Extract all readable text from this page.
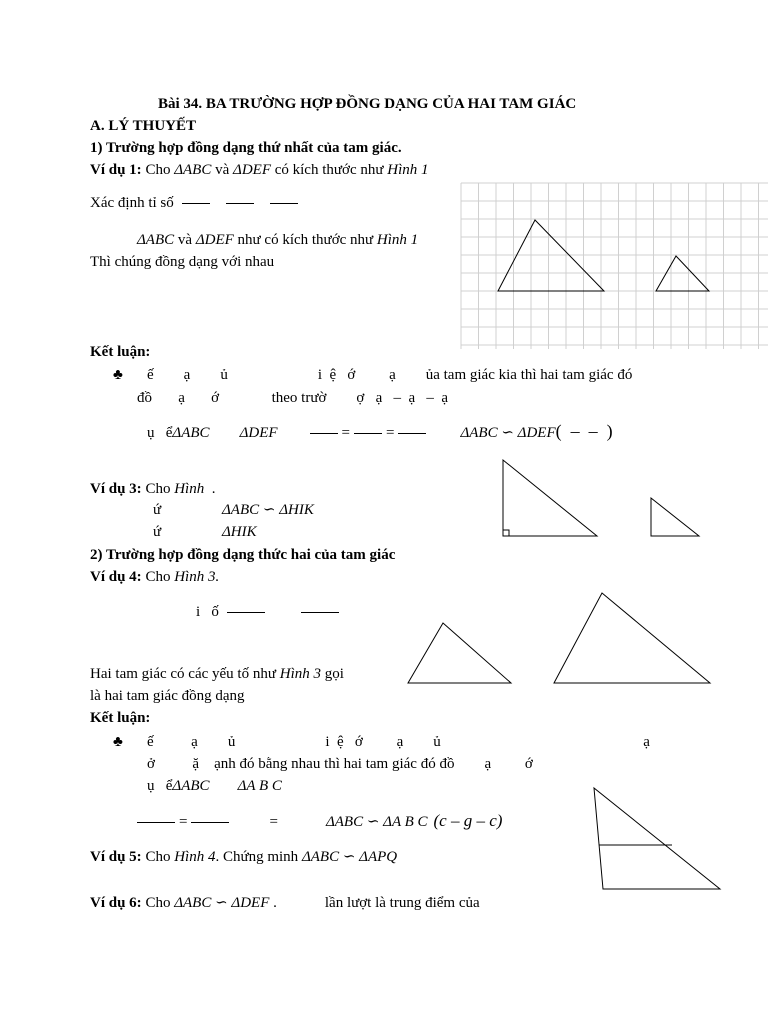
Bài 34. BA TRƯỜNG HỢP ĐỒNG DẠNG CỦA HAI TAM GIÁC
A. LÝ THUYẾT
1) Trường hợp đồng dạng thứ nhất của tam giác.
Ví dụ 1: Cho ΔABC và ΔDEF có kích thước như Hình 1
Xác định tỉ số
ΔABC và ΔDEF như có kích thước như Hình 1
Thì chúng đồng dạng với nhau
Kết luận:
♣ ế        ạ        ủ                        i  ệ   ớ         ạ        ủa tam giác kia thì hai tam giác đó
đồ       ạ       ớ              theo trườ        ợ   ạ   –  ạ   –  ạ
ụ   ểΔABC ΔDEF	= =	ΔABC ∽ ΔDEF(  –  –  )
Ví dụ 3: Cho Hình  .
ứ	ΔABC ∽ ΔHIK
ứ	ΔHIK
2) Trường hợp đồng dạng thức hai của tam giác
Ví dụ 4: Cho Hình 3.
i   ố
Hai tam giác có các yếu tố như Hình 3 gọi
là hai tam giác đồng dạng
Kết luận:
♣ ế          ạ        ủ                        i  ệ   ớ         ạ        ủ                                                      ạ
ở          ặ    ạnh đó bằng nhau thì hai tam giác đó đồ        ạ         ớ
ụ   ểΔABC ΔA B C
=	=	ΔABC ∽ ΔA B C (c – g – c)
Ví dụ 5: Cho Hình 4. Chứng minh ΔABC ∽ ΔAPQ
Ví dụ 6: Cho ΔABC ∽ ΔDEF .	lần lượt là trung điểm của
